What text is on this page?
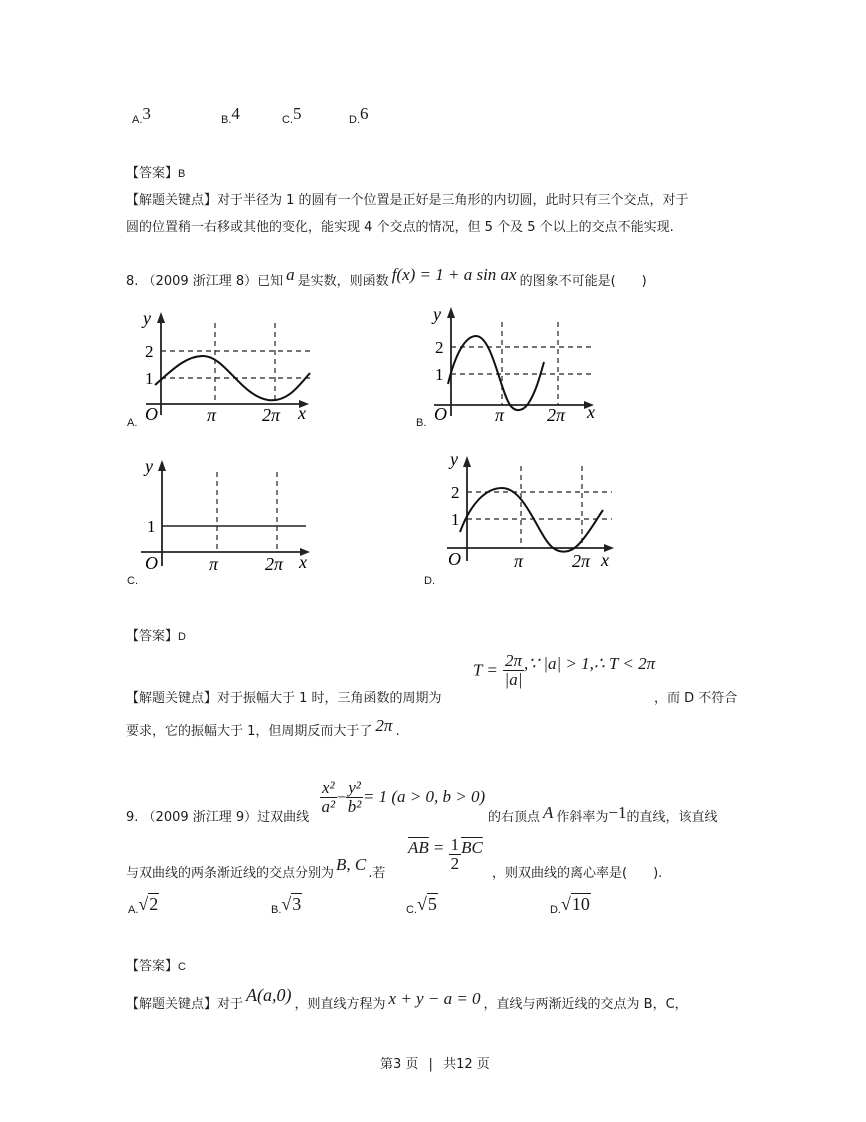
A.3	B.4	C.5	D.6
【答案】B
【解题关键点】对于半径为 1 的圆有一个位置是正好是三角形的内切圆，此时只有三个交点，对于
圆的位置稍一右移或其他的变化，能实现 4 个交点的情况，但 5 个及 5 个以上的交点不能实现.
8. （2009 浙江理 8）已知 a 是实数，则函数 f(x) = 1 + a sin ax 的图象不可能是(　　)
y
2
1
O	π	2π x
A.
y
2
1
O	π 2π x
B.
y
1
O	π	2π x
C.
y
2
1
O	π	2π x
D.
【答案】D
【解题关键点】对于振幅大于 1 时，三角函数的周期为
$T = \frac{2\pi}{|a|}$ ,∵ |a| > 1,∴ T < 2π
，而 D 不符合
要求，它的振幅大于 1，但周期反而大于了 2π .
9. （2009 浙江理 9）过双曲线
$\frac{\text{x²}}{\text{a²}} - \frac{\text{y²}}{\text{b²}} = 1$ (a > 0, b > 0)
的右顶点 A 作斜率为−1的直线，该直线
与双曲线的两条渐近线的交点分别为 B, C .若
$\overline{AB} = \frac{1}{2} \overline{BC}$
，则双曲线的离心率是(　　).
A.√2	B.√3	C.√5	D.√10
【答案】C
【解题关键点】对于 A(a,0) ，则直线方程为 x + y − a = 0 ，直线与两渐近线的交点为 B，C，
第3 页 | 共12 页
